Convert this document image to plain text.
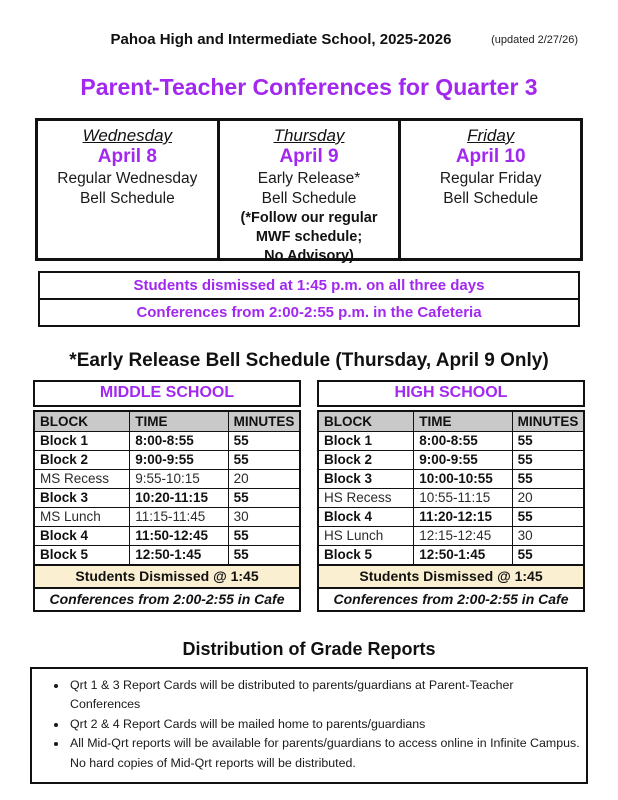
Pahoa High and Intermediate School, 2025-2026	(updated 2/27/26)
Parent-Teacher Conferences for Quarter 3
Wednesday
April 8
Regular Wednesday
Bell Schedule
Thursday
April 9
Early Release*
Bell Schedule
(*Follow our regular
MWF schedule;
No Advisory)
Friday
April 10
Regular Friday
Bell Schedule
Students dismissed at 1:45 p.m. on all three days
Conferences from 2:00-2:55 p.m. in the Cafeteria
*Early Release Bell Schedule (Thursday, April 9 Only)
MIDDLE SCHOOL
BLOCK	TIME	MINUTES
Block 1	8:00-8:55	55
Block 2	9:00-9:55	55
MS Recess	9:55-10:15	20
Block 3	10:20-11:15	55
MS Lunch	11:15-11:45	30
Block 4	11:50-12:45	55
Block 5	12:50-1:45	55
Students Dismissed @ 1:45
Conferences from 2:00-2:55 in Cafe
HIGH SCHOOL
BLOCK	TIME	MINUTES
Block 1	8:00-8:55	55
Block 2	9:00-9:55	55
Block 3	10:00-10:55	55
HS Recess	10:55-11:15	20
Block 4	11:20-12:15	55
HS Lunch	12:15-12:45	30
Block 5	12:50-1:45	55
Students Dismissed @ 1:45
Conferences from 2:00-2:55 in Cafe
Distribution of Grade Reports
• Qrt 1 & 3 Report Cards will be distributed to parents/guardians at Parent-Teacher Conferences
• Qrt 2 & 4 Report Cards will be mailed home to parents/guardians
• All Mid-Qrt reports will be available for parents/guardians to access online in Infinite Campus. No hard copies of Mid-Qrt reports will be distributed.
